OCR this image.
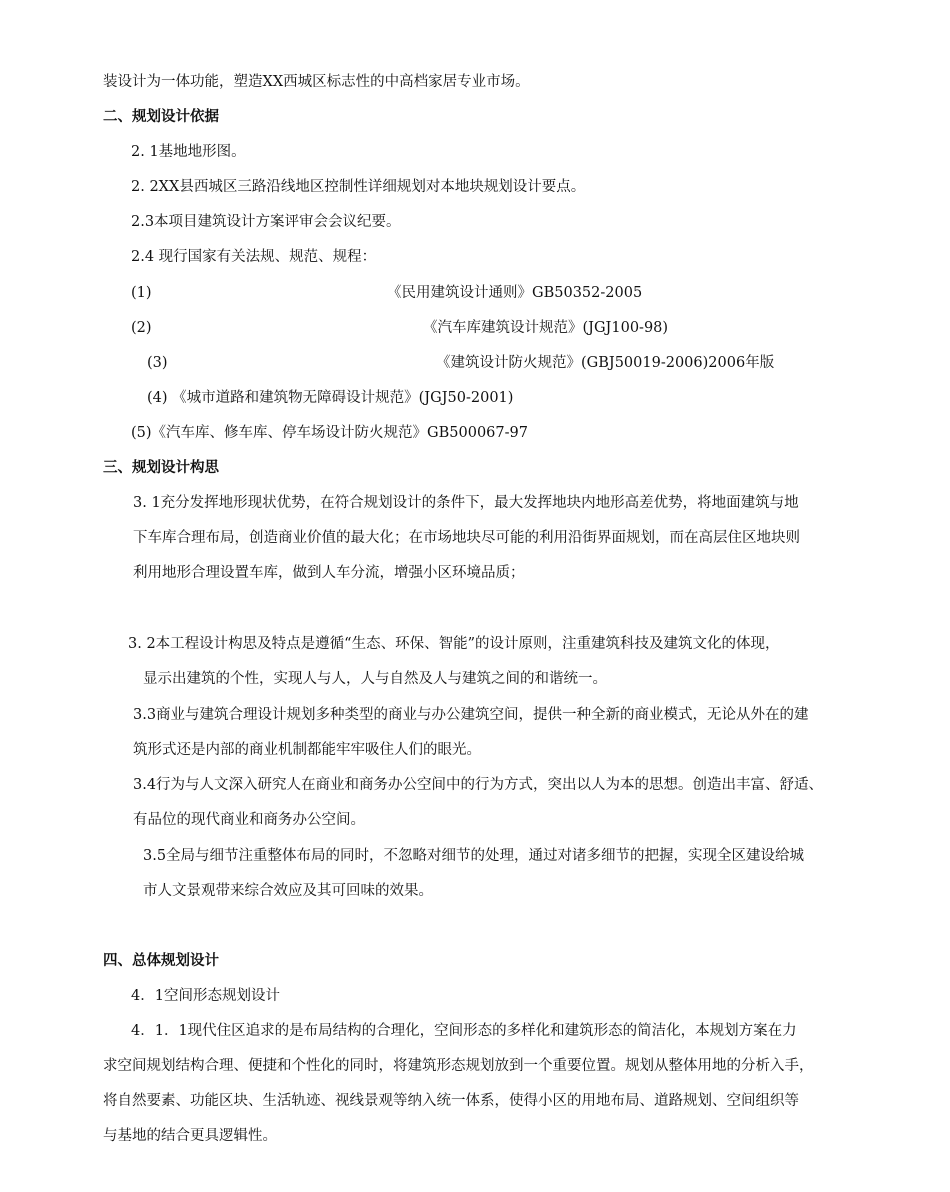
装设计为一体功能，塑造XX西城区标志性的中高档家居专业市场。
二、规划设计依据
2. 1基地地形图。
2. 2XX县西城区三路沿线地区控制性详细规划对本地块规划设计要点。
2.3本项目建筑设计方案评审会会议纪要。
2.4 现行国家有关法规、规范、规程：
(1)	《民用建筑设计通则》GB50352-2005
(2)	《汽车库建筑设计规范》(JGJ100-98)
(3)	《建筑设计防火规范》(GBJ50019-2006)2006年版
(4) 《城市道路和建筑物无障碍设计规范》(JGJ50-2001)
(5)《汽车库、修车库、停车场设计防火规范》GB500067-97
三、规划设计构思
3. 1充分发挥地形现状优势，在符合规划设计的条件下，最大发挥地块内地形高差优势，将地面建筑与地
下车库合理布局，创造商业价值的最大化；在市场地块尽可能的利用沿街界面规划，而在高层住区地块则
利用地形合理设置车库，做到人车分流，增强小区环境品质；
3. 2本工程设计构思及特点是遵循“生态、环保、智能”的设计原则，注重建筑科技及建筑文化的体现，
显示出建筑的个性，实现人与人，人与自然及人与建筑之间的和谐统一。
3.3商业与建筑合理设计规划多种类型的商业与办公建筑空间，提供一种全新的商业模式，无论从外在的建
筑形式还是内部的商业机制都能牢牢吸住人们的眼光。
3.4行为与人文深入研究人在商业和商务办公空间中的行为方式，突出以人为本的思想。创造出丰富、舒适、
有品位的现代商业和商务办公空间。
3.5全局与细节注重整体布局的同时，不忽略对细节的处理，通过对诸多细节的把握，实现全区建设给城
市人文景观带来综合效应及其可回味的效果。
四、总体规划设计
4．1空间形态规划设计
4．1．1现代住区追求的是布局结构的合理化，空间形态的多样化和建筑形态的简洁化，本规划方案在力
求空间规划结构合理、便捷和个性化的同时，将建筑形态规划放到一个重要位置。规划从整体用地的分析入手，
将自然要素、功能区块、生活轨迹、视线景观等纳入统一体系，使得小区的用地布局、道路规划、空间组织等
与基地的结合更具逻辑性。
